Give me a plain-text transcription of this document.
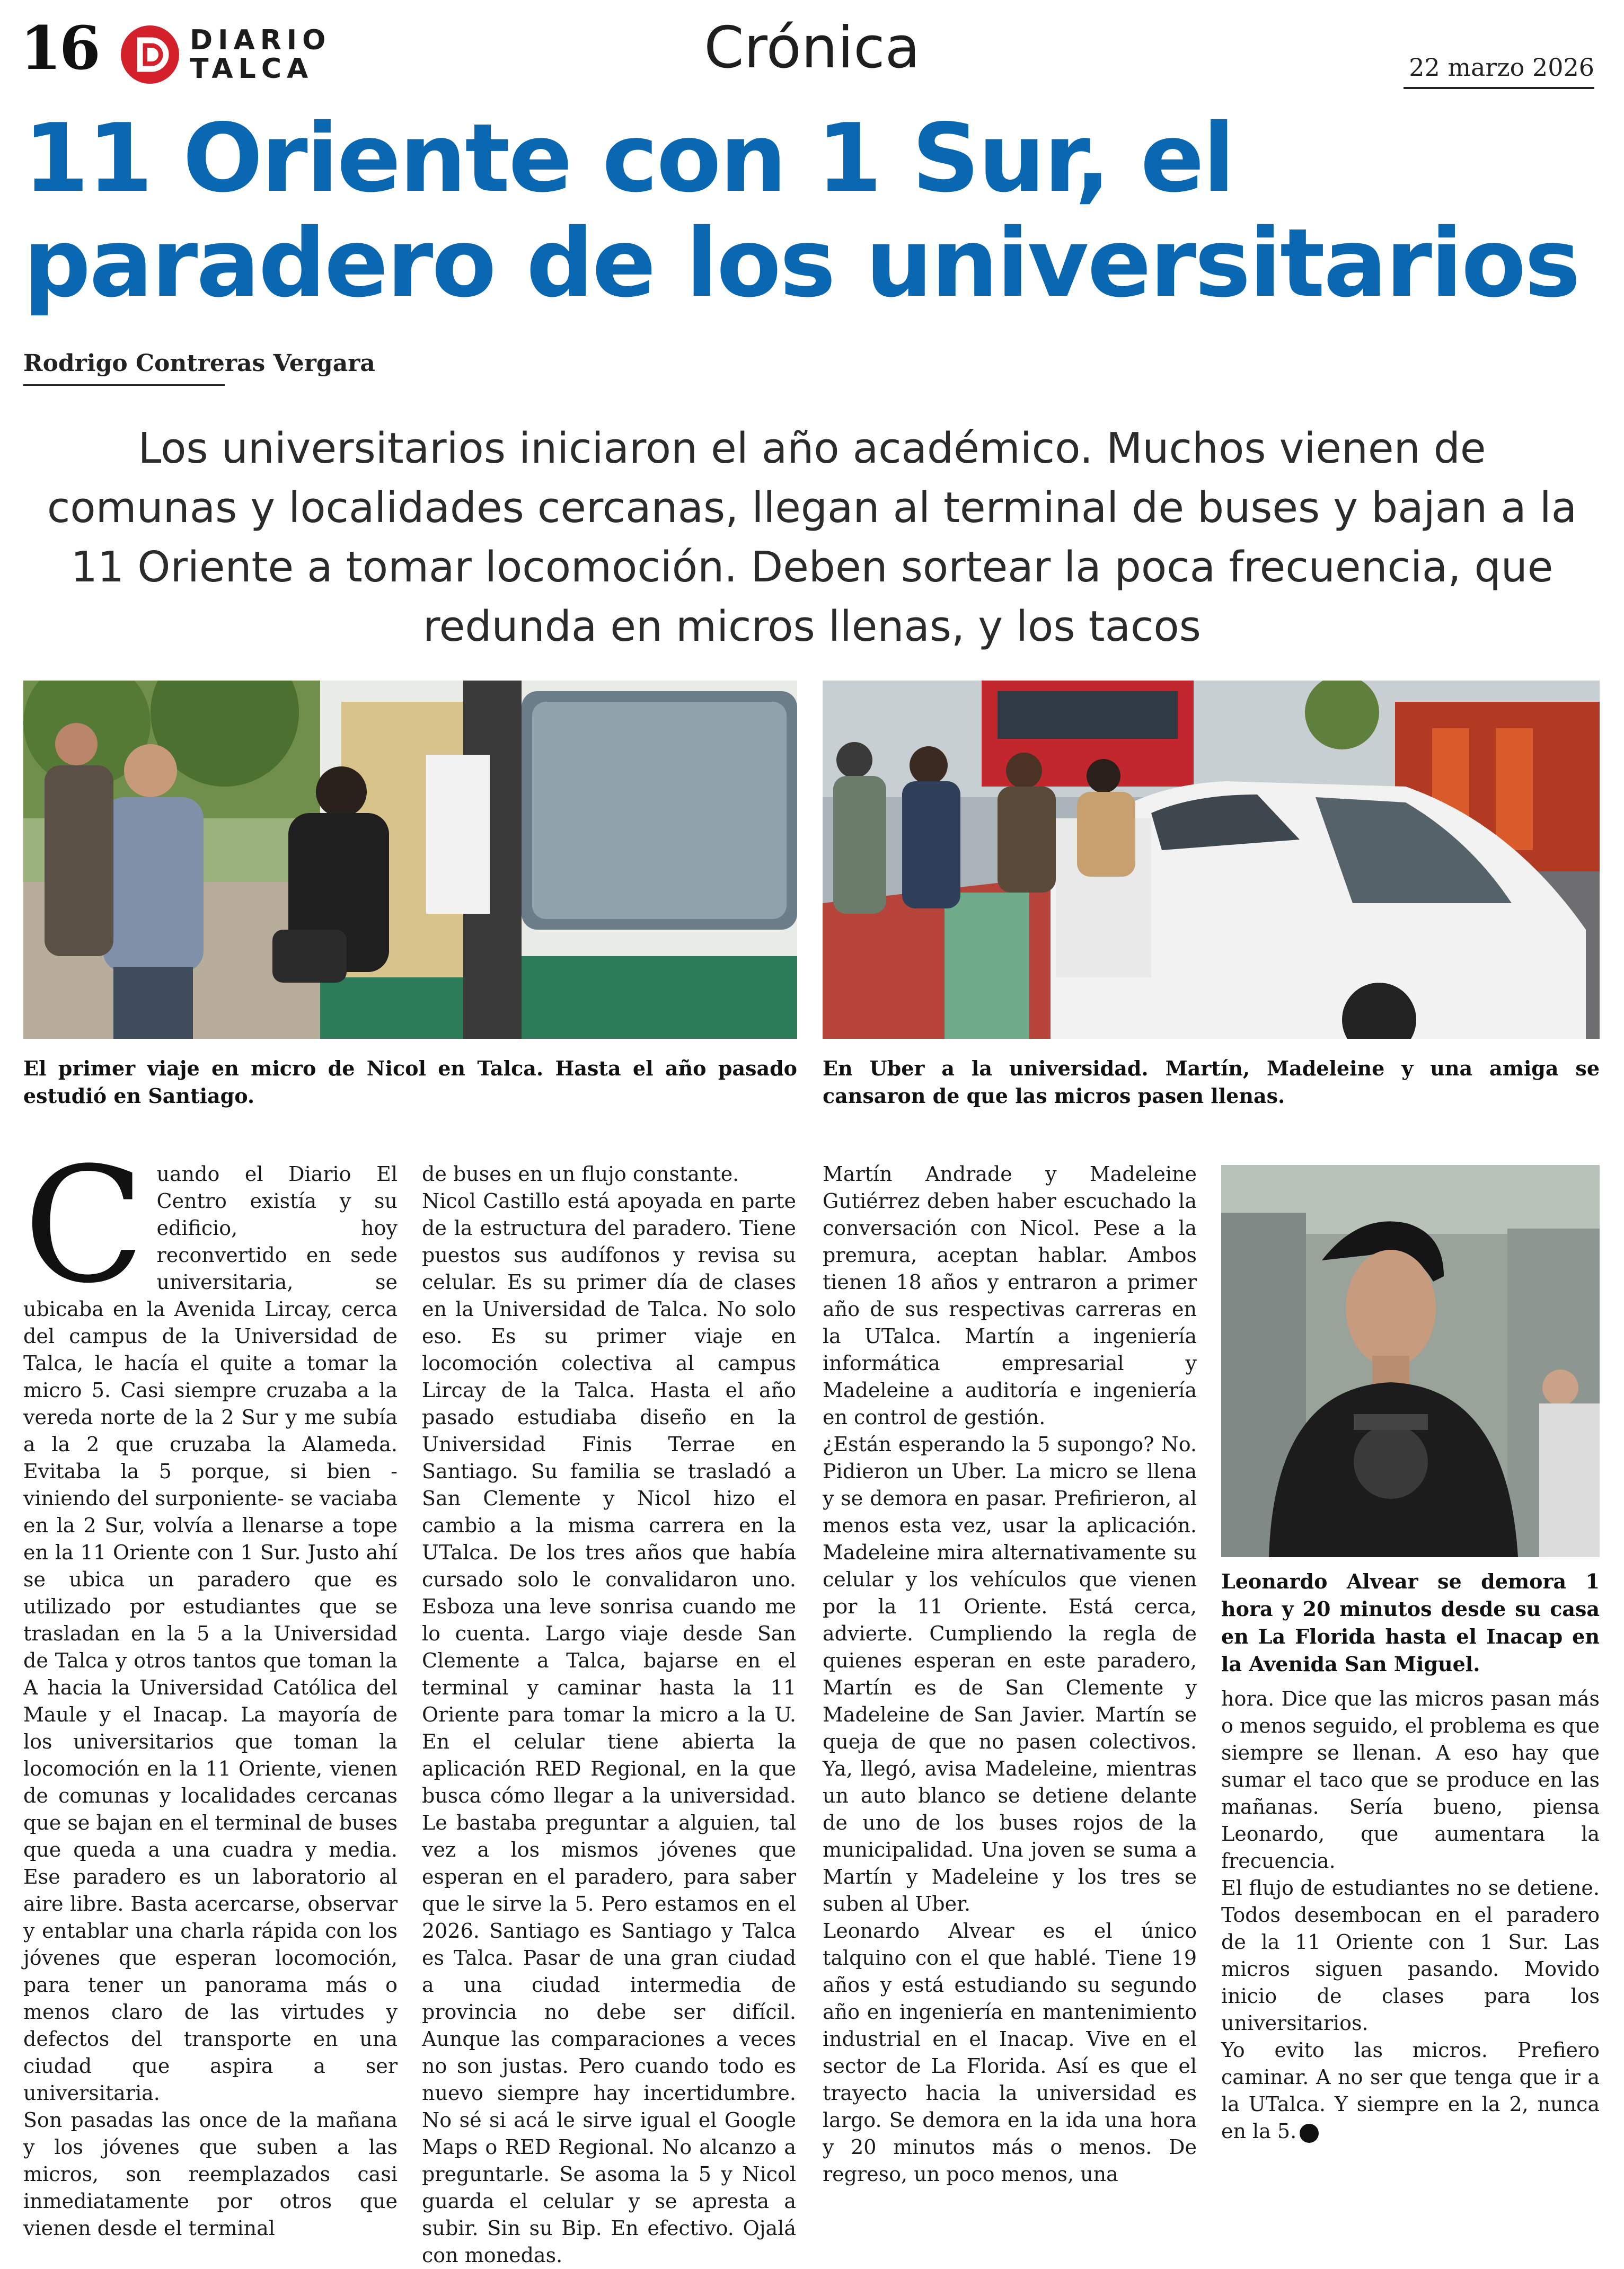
16	DIARIO
TALCA	Crónica	22 marzo 2026
11 Oriente con 1 Sur, el paradero de los universitarios
Rodrigo Contreras Vergara
Los universitarios iniciaron el año académico. Muchos vienen de comunas y localidades cercanas, llegan al terminal de buses y bajan a la 11 Oriente a tomar locomoción. Deben sortear la poca frecuencia, que redunda en micros llenas, y los tacos
El primer viaje en micro de Nicol en Talca. Hasta el año pasado estudió en Santiago.
En Uber a la universidad. Martín, Madeleine y una amiga se cansaron de que las micros pasen llenas.
C uando el Diario El Centro existía y su edificio, hoy reconvertido en sede universitaria, se ubicaba en la Avenida Lircay, cerca del campus de la Universidad de Talca, le hacía el quite a tomar la micro 5. Casi siempre cruzaba a la vereda norte de la 2 Sur y me subía a la 2 que cruzaba la Alameda. Evitaba la 5 porque, si bien -viniendo del surponiente- se vaciaba en la 2 Sur, volvía a llenarse a tope en la 11 Oriente con 1 Sur. Justo ahí se ubica un paradero que es utilizado por estudiantes que se trasladan en la 5 a la Universidad de Talca y otros tantos que toman la A hacia la Universidad Católica del Maule y el Inacap. La mayoría de los universitarios que toman la locomoción en la 11 Oriente, vienen de comunas y localidades cercanas que se bajan en el terminal de buses que queda a una cuadra y media. Ese paradero es un laboratorio al aire libre. Basta acercarse, observar y entablar una charla rápida con los jóvenes que esperan locomoción, para tener un panorama más o menos claro de las virtudes y defectos del transporte en una ciudad que aspira a ser universitaria.

Son pasadas las once de la mañana y los jóvenes que suben a las micros, son reemplazados casi inmediatamente por otros que vienen desde el terminal

de buses en un flujo constante.

Nicol Castillo está apoyada en parte de la estructura del paradero. Tiene puestos sus audífonos y revisa su celular. Es su primer día de clases en la Universidad de Talca. No solo eso. Es su primer viaje en locomoción colectiva al campus Lircay de la Talca. Hasta el año pasado estudiaba diseño en la Universidad Finis Terrae en Santiago. Su familia se trasladó a San Clemente y Nicol hizo el cambio a la misma carrera en la UTalca. De los tres años que había cursado solo le convalidaron uno. Esboza una leve sonrisa cuando me lo cuenta. Largo viaje desde San Clemente a Talca, bajarse en el terminal y caminar hasta la 11 Oriente para tomar la micro a la U. En el celular tiene abierta la aplicación RED Regional, en la que busca cómo llegar a la universidad. Le bastaba preguntar a alguien, tal vez a los mismos jóvenes que esperan en el paradero, para saber que le sirve la 5. Pero estamos en el 2026. Santiago es Santiago y Talca es Talca. Pasar de una gran ciudad a una ciudad intermedia de provincia no debe ser difícil. Aunque las comparaciones a veces no son justas. Pero cuando todo es nuevo siempre hay incertidumbre. No sé si acá le sirve igual el Google Maps o RED Regional. No alcanzo a preguntarle. Se asoma la 5 y Nicol guarda el celular y se apresta a subir. Sin su Bip. En efectivo. Ojalá con monedas.

Martín Andrade y Madeleine Gutiérrez deben haber escuchado la conversación con Nicol. Pese a la premura, aceptan hablar. Ambos tienen 18 años y entraron a primer año de sus respectivas carreras en la UTalca. Martín a ingeniería informática empresarial y Madeleine a auditoría e ingeniería en control de gestión.

¿Están esperando la 5 supongo? No. Pidieron un Uber. La micro se llena y se demora en pasar. Prefirieron, al menos esta vez, usar la aplicación. Madeleine mira alternativamente su celular y los vehículos que vienen por la 11 Oriente. Está cerca, advierte. Cumpliendo la regla de quienes esperan en este paradero, Martín es de San Clemente y Madeleine de San Javier. Martín se queja de que no pasen colectivos. Ya, llegó, avisa Madeleine, mientras un auto blanco se detiene delante de uno de los buses rojos de la municipalidad. Una joven se suma a Martín y Madeleine y los tres se suben al Uber.

Leonardo Alvear es el único talquino con el que hablé. Tiene 19 años y está estudiando su segundo año en ingeniería en mantenimiento industrial en el Inacap. Vive en el sector de La Florida. Así es que el trayecto hacia la universidad es largo. Se demora en la ida una hora y 20 minutos más o menos. De regreso, un poco menos, una

Leonardo Alvear se demora 1 hora y 20 minutos desde su casa en La Florida hasta el Inacap en la Avenida San Miguel.

hora. Dice que las micros pasan más o menos seguido, el problema es que siempre se llenan. A eso hay que sumar el taco que se produce en las mañanas. Sería bueno, piensa Leonardo, que aumentara la frecuencia.

El flujo de estudiantes no se detiene. Todos desembocan en el paradero de la 11 Oriente con 1 Sur. Las micros siguen pasando. Movido inicio de clases para los universitarios.

Yo evito las micros. Prefiero caminar. A no ser que tenga que ir a la UTalca. Y siempre en la 2, nunca en la 5.
